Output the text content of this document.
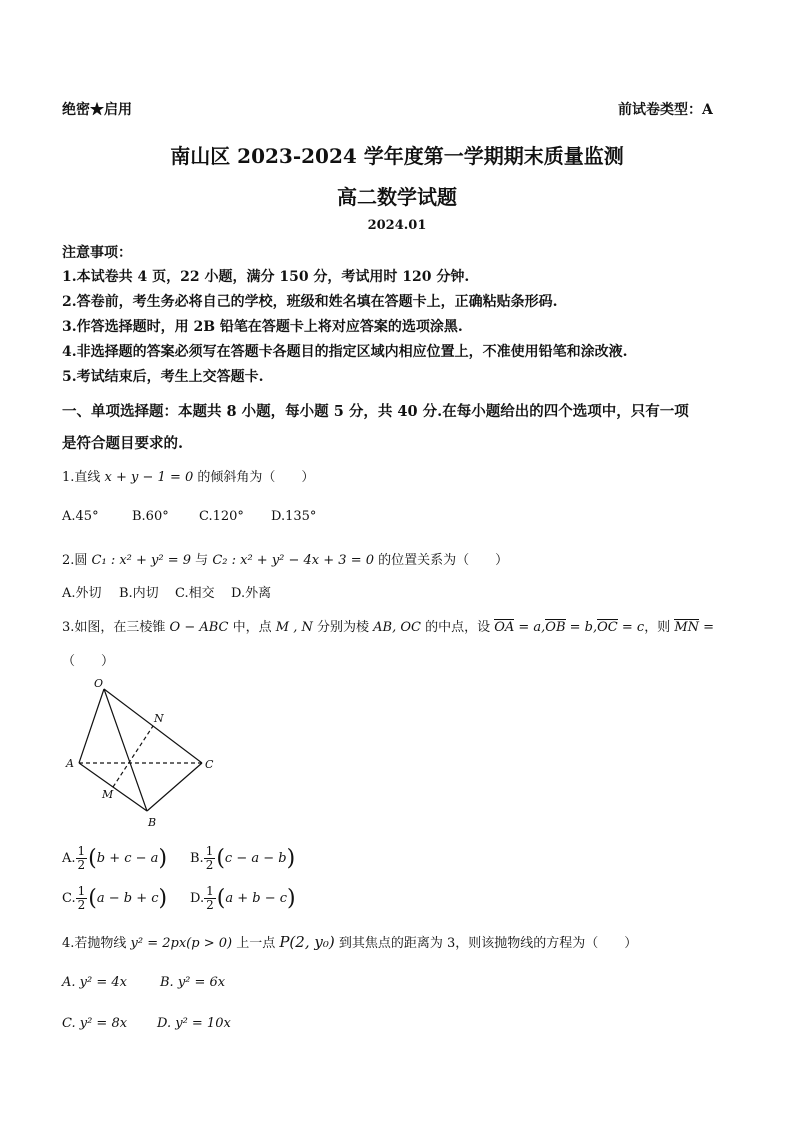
绝密★启用	前试卷类型：A
南山区 2023-2024 学年度第一学期期末质量监测
高二数学试题
2024.01
注意事项：
1.本试卷共 4 页，22 小题，满分 150 分，考试用时 120 分钟.
2.答卷前，考生务必将自己的学校，班级和姓名填在答题卡上，正确粘贴条形码.
3.作答选择题时，用 2B 铅笔在答题卡上将对应答案的选项涂黑.
4.非选择题的答案必须写在答题卡各题目的指定区域内相应位置上，不准使用铅笔和涂改液.
5.考试结束后，考生上交答题卡.
一、单项选择题：本题共 8 小题，每小题 5 分，共 40 分.在每小题给出的四个选项中，只有一项
是符合题目要求的.
1.直线 x + y − 1 = 0 的倾斜角为（　　）
A.45°	B.60° C.120° D.135°
2.圆 C₁ : x² + y² = 9 与 C₂ : x² + y² − 4x + 3 = 0 的位置关系为（　　）
A.外切 B.内切 C.相交 D.外离
3.如图，在三棱锥 O − ABC 中，点 M , N 分别为棱 AB, OC 的中点，设 OA = a,OB = b,OC = c，则 MN =
（　　）
O
N
A	C
M
B
A. $\frac{1}{2} (b + c - a)$ B. $\frac{1}{2} (c - a - b)$
C. $\frac{1}{2} (a - b + c)$ D. $\frac{1}{2} (a + b - c)$
4.若抛物线 y² = 2px(p > 0) 上一点 P(2, y₀) 到其焦点的距离为 3，则该抛物线的方程为（　　）
A. y² = 4x	B. y² = 6x
C. y² = 8x D. y² = 10x
